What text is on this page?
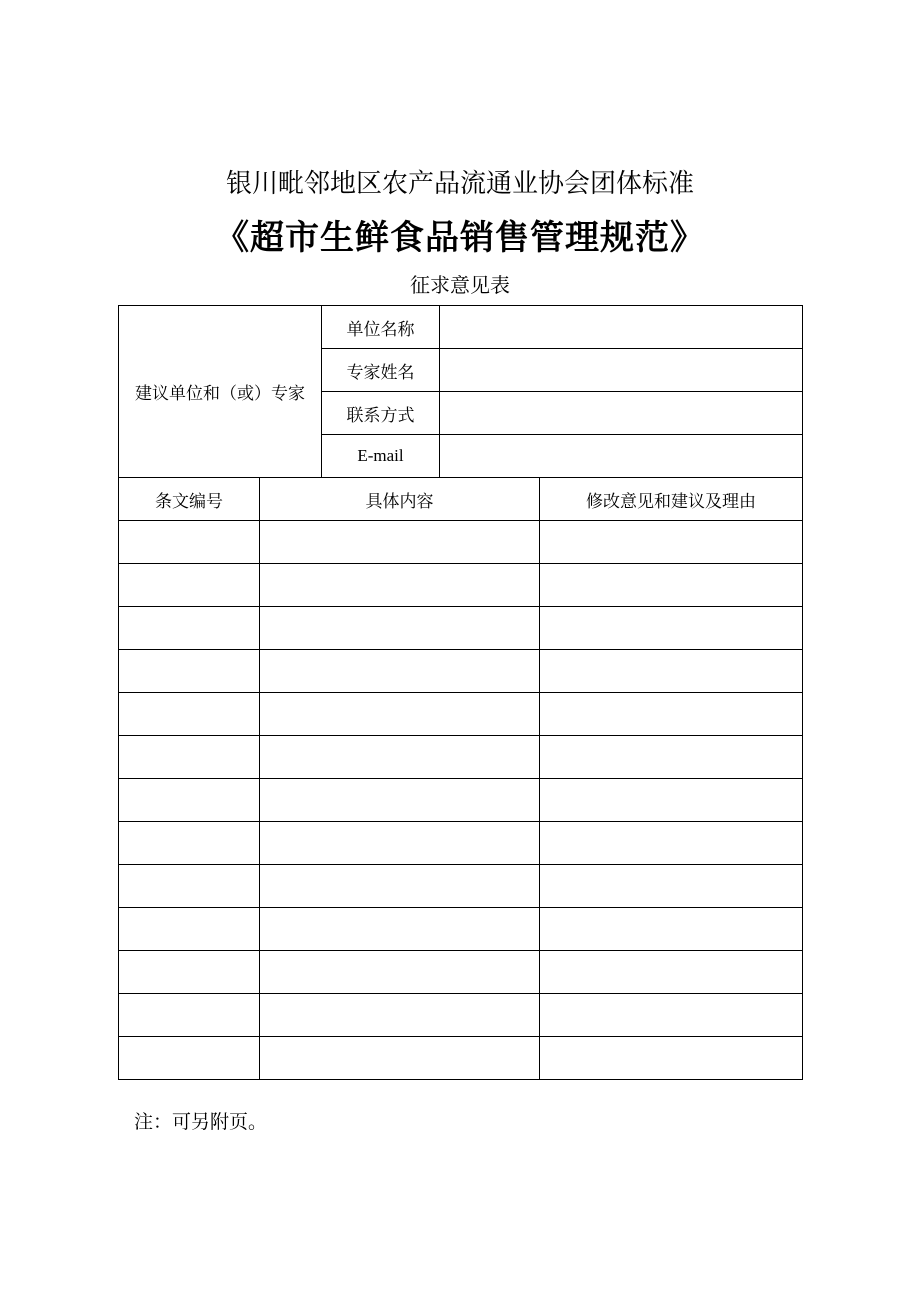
银川毗邻地区农产品流通业协会团体标准
《超市生鲜食品销售管理规范》
征求意见表
建议单位和（或）专家		单位名称		
		专家姓名		
		联系方式		
		E-mail		
条文编号	具体内容			修改意见和建议及理由

注：可另附页。
